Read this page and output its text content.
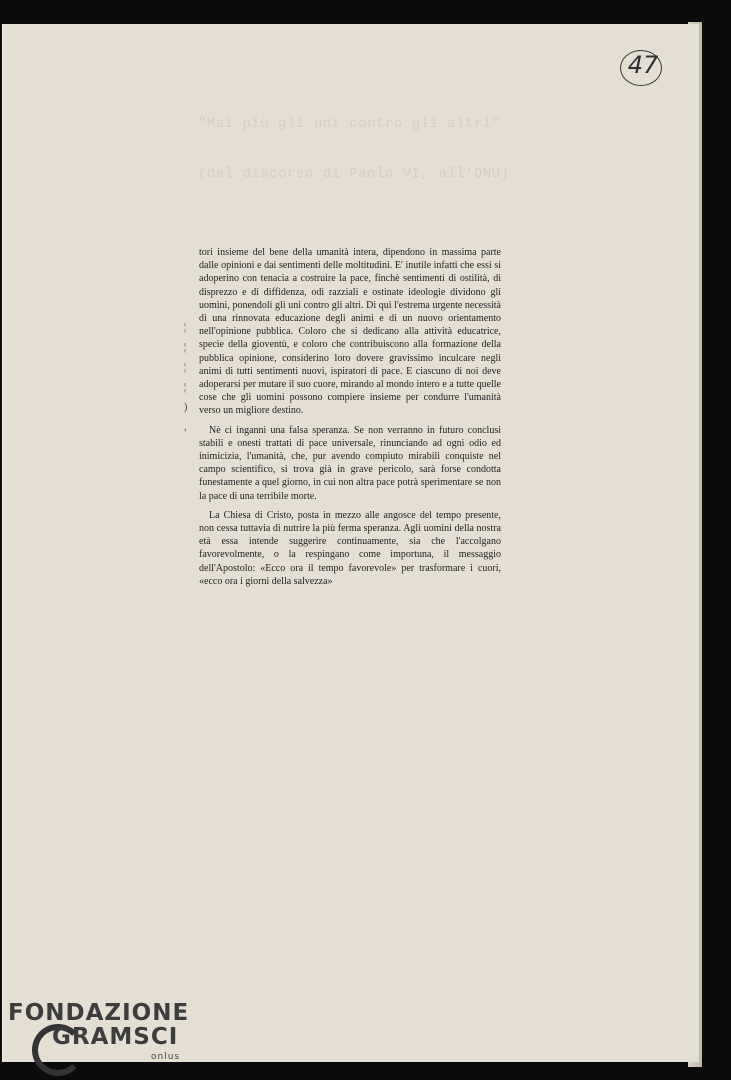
47
"Mai più gli uni contro gli altri"
(dal discorso di Paolo VI, all'ONU)
¦
¦
¦
¦
)
,

tori insieme del bene della umanità intera, dipendono in massima parte dalle opinioni e dai sentimenti delle moltitudini. E' inutile infatti che essi si adoperino con tenacia a costruire la pace, finchè sentimenti di ostilità, di disprezzo e di diffidenza, odi razziali e ostinate ideologie dividono gli uomini, ponendoli gli uni contro gli altri. Di qui l'estrema urgente necessità di una rinnovata educazione degli animi e di un nuovo orientamento nell'opinione pubblica. Coloro che si dedicano alla attività educatrice, specie della gioventù, e coloro che contribuiscono alla formazione della pubblica opinione, considerino loro dovere gravissimo inculcare negli animi di tutti sentimenti nuovi, ispiratori di pace. E ciascuno di noi deve adoperarsi per mutare il suo cuore, mirando al mondo intero e a tutte quelle cose che gli uomini possono compiere insieme per condurre l'umanità verso un migliore destino.

Nè ci inganni una falsa speranza. Se non verranno in futuro conclusi stabili e onesti trattati di pace universale, rinunciando ad ogni odio ed inimicizia, l'umanità, che, pur avendo compiuto mirabili conquiste nel campo scientifico, si trova già in grave pericolo, sarà forse condotta funestamente a quel giorno, in cui non altra pace potrà sperimentare se non la pace di una terribile morte.

La Chiesa di Cristo, posta in mezzo alle angosce del tempo presente, non cessa tuttavia di nutrire la più ferma speranza. Agli uomini della nostra età essa intende suggerire continuamente, sia che l'accolgano favorevolmente, o la respingano come importuna, il messaggio dell'Apostolo: «Ecco ora il tempo favorevole» per trasformare i cuori, «ecco ora i giorni della salvezza»

FONDAZIONE
GRAMSCI
onlus
